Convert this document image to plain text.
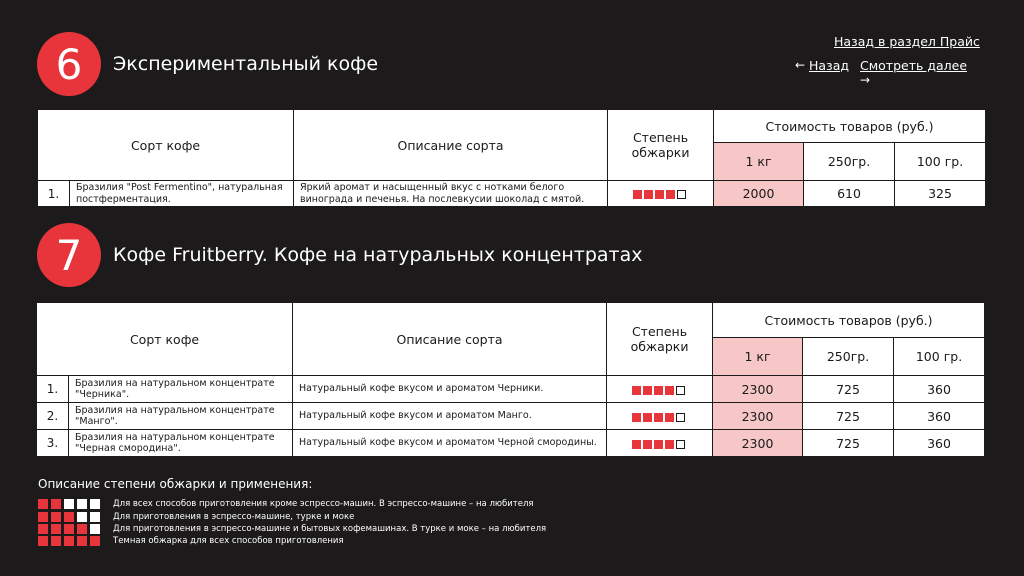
Назад в раздел Прайс
← Назад Смотреть далее
→
6	Экспериментальный кофе
Сорт кофе		Описание сорта	Степень обжарки	Стоимость товаров (руб.)		
				1 кг	250гр.	100 гр.
1.	Бразилия "Post Fermentino", натуральная постферментация.	Яркий аромат и насыщенный вкус с нотками белого винограда и печенья. На послевкусии шоколад с мятой.		2000	610	325
7	Кофе Fruitberry. Кофе на натуральных концентратах
Сорт кофе		Описание сорта	Степень обжарки	Стоимость товаров (руб.)		
				1 кг	250гр.	100 гр.
1.	Бразилия на натуральном концентрате "Черника".	Натуральный кофе вкусом и ароматом Черники.		2300	725	360
2.	Бразилия на натуральном концентрате "Манго".	Натуральный кофе вкусом и ароматом Манго.		2300	725	360
3.	Бразилия на натуральном концентрате "Черная смородина".	Натуральный кофе вкусом и ароматом Черной смородины.		2300	725	360
Описание степени обжарки и применения:
Для всех способов приготовления кроме эспрессо-машин. В эспрессо-машине – на любителя
Для приготовления в эспрессо-машине, турке и моке
Для приготовления в эспрессо-машине и бытовых кофемашинах. В турке и моке – на любителя
Темная обжарка для всех способов приготовления
